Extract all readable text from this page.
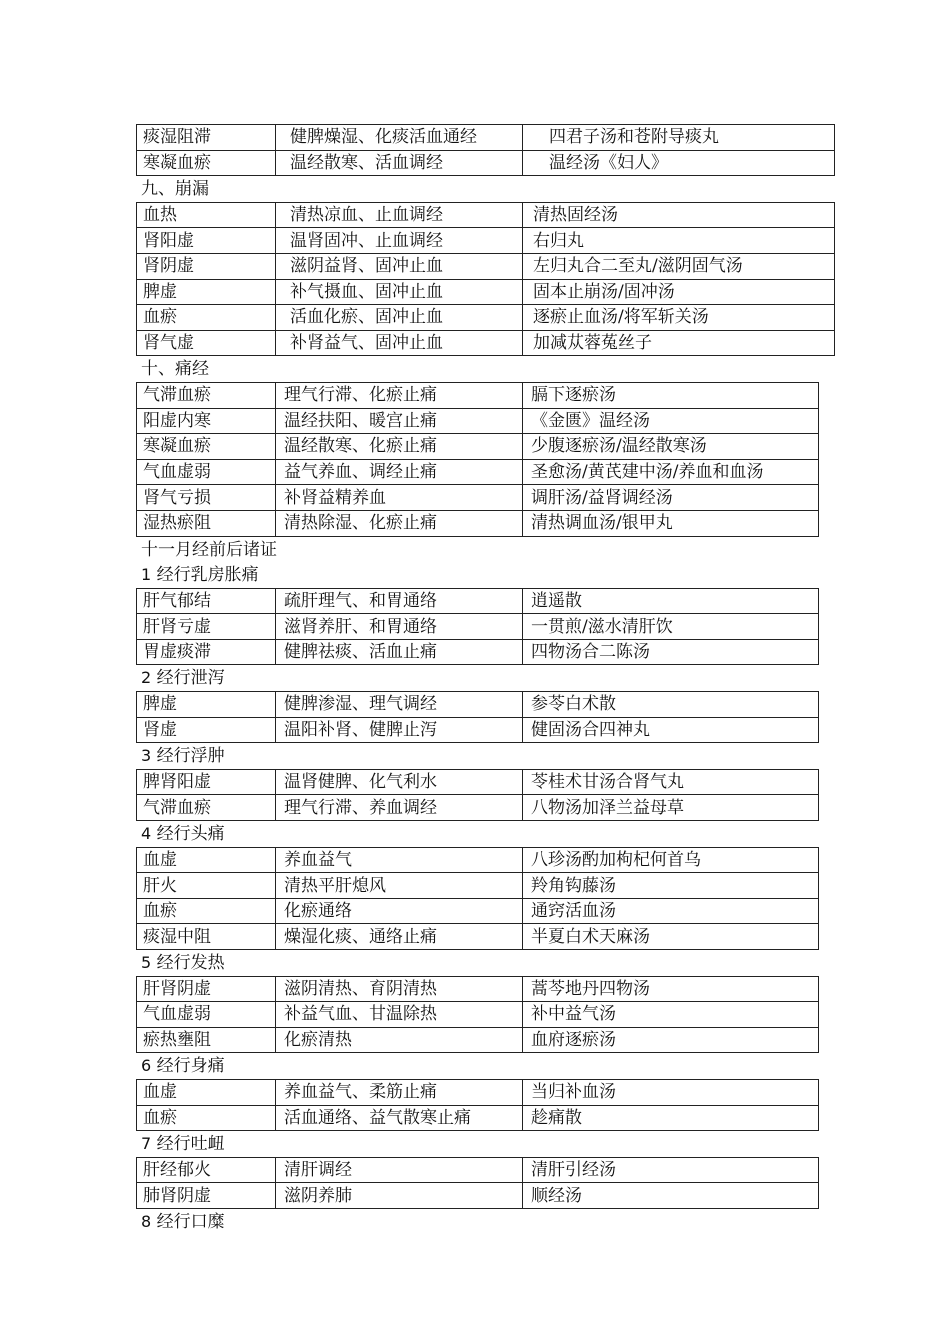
痰湿阻滞	健脾燥湿、化痰活血通经	四君子汤和苍附导痰丸
寒凝血瘀	温经散寒、活血调经	温经汤《妇人》
九、崩漏
血热	清热凉血、止血调经	清热固经汤
肾阳虚	温肾固冲、止血调经	右归丸
肾阴虚	滋阴益肾、固冲止血	左归丸合二至丸/滋阴固气汤
脾虚	补气摄血、固冲止血	固本止崩汤/固冲汤
血瘀	活血化瘀、固冲止血	逐瘀止血汤/将军斩关汤
肾气虚	补肾益气、固冲止血	加减苁蓉菟丝子
十、痛经
气滞血瘀	理气行滞、化瘀止痛	膈下逐瘀汤
阳虚内寒	温经扶阳、暖宫止痛	《金匮》温经汤
寒凝血瘀	温经散寒、化瘀止痛	少腹逐瘀汤/温经散寒汤
气血虚弱	益气养血、调经止痛	圣愈汤/黄芪建中汤/养血和血汤
肾气亏损	补肾益精养血	调肝汤/益肾调经汤
湿热瘀阻	清热除湿、化瘀止痛	清热调血汤/银甲丸
十一月经前后诸证
1 经行乳房胀痛
肝气郁结	疏肝理气、和胃通络	逍遥散
肝肾亏虚	滋肾养肝、和胃通络	一贯煎/滋水清肝饮
胃虚痰滞	健脾祛痰、活血止痛	四物汤合二陈汤
2 经行泄泻
脾虚	健脾渗湿、理气调经	参苓白术散
肾虚	温阳补肾、健脾止泻	健固汤合四神丸
3 经行浮肿
脾肾阳虚	温肾健脾、化气利水	苓桂术甘汤合肾气丸
气滞血瘀	理气行滞、养血调经	八物汤加泽兰益母草
4 经行头痛
血虚	养血益气	八珍汤酌加枸杞何首乌
肝火	清热平肝熄风	羚角钩藤汤
血瘀	化瘀通络	通窍活血汤
痰湿中阻	燥湿化痰、通络止痛	半夏白术天麻汤
5 经行发热
肝肾阴虚	滋阴清热、育阴清热	蒿芩地丹四物汤
气血虚弱	补益气血、甘温除热	补中益气汤
瘀热壅阻	化瘀清热	血府逐瘀汤
6 经行身痛
血虚	养血益气、柔筋止痛	当归补血汤
血瘀	活血通络、益气散寒止痛	趁痛散
7 经行吐衄
肝经郁火	清肝调经	清肝引经汤
肺肾阴虚	滋阴养肺	顺经汤
8 经行口糜
